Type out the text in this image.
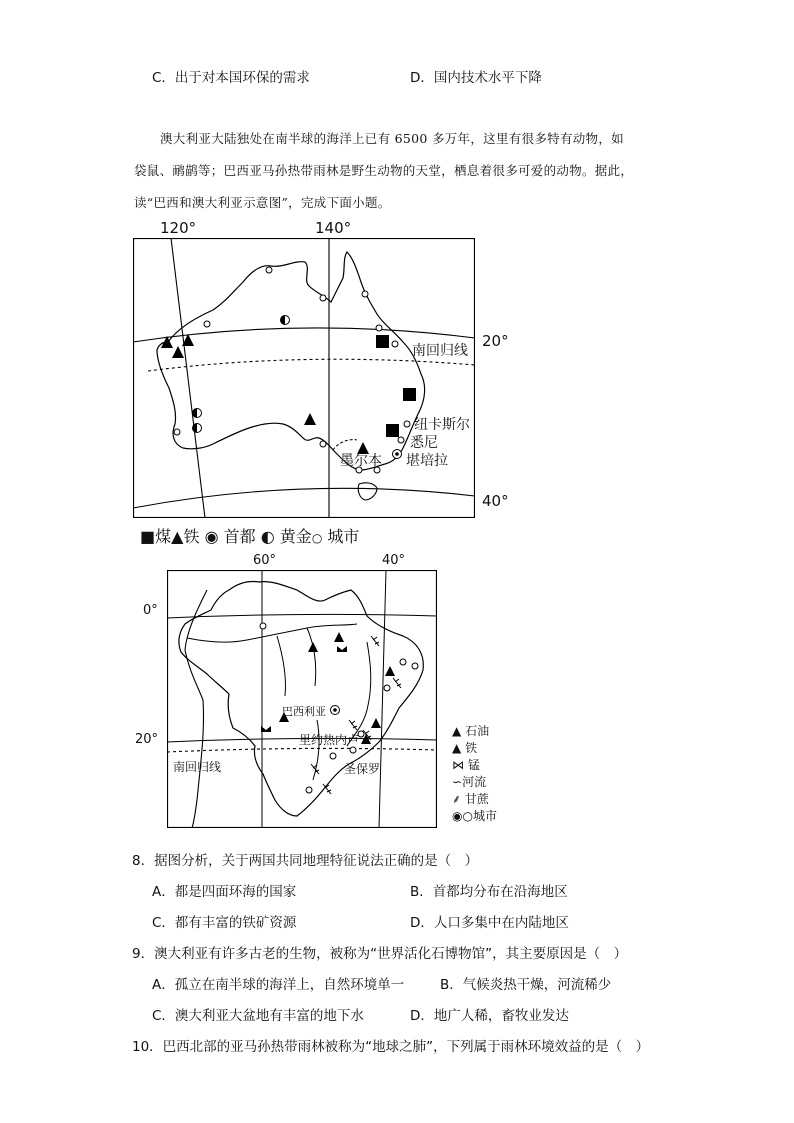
C．出于对本国环保的需求	D．国内技术水平下降
澳大利亚大陆独处在南半球的海洋上已有 6500 多万年，这里有很多特有动物，如
袋鼠、鸸鹋等；巴西亚马孙热带雨林是野生动物的天堂，栖息着很多可爱的动物。据此，
读“巴西和澳大利亚示意图”，完成下面小题。
120°	140°
20°
40°
南回归线
纽卡斯尔
悉尼
墨尔本 堪培拉
■煤▲铁 ◉ 首都 ◐ 黄金○ 城市
60°	40°
0°
20°
巴西利亚
里约热内卢
圣保罗
南回归线
▲ 石油
▲ 铁
⋈ 锰
∽河流
⸙ 甘蔗
◉○城市
8．据图分析，关于两国共同地理特征说法正确的是（　）
A．都是四面环海的国家	B．首都均分布在沿海地区
C．都有丰富的铁矿资源	D．人口多集中在内陆地区
9．澳大利亚有许多古老的生物，被称为“世界活化石博物馆”，其主要原因是（　）
A．孤立在南半球的海洋上，自然环境单一	B．气候炎热干燥，河流稀少
C．澳大利亚大盆地有丰富的地下水	D．地广人稀，畜牧业发达
10．巴西北部的亚马孙热带雨林被称为“地球之肺”，下列属于雨林环境效益的是（　）
